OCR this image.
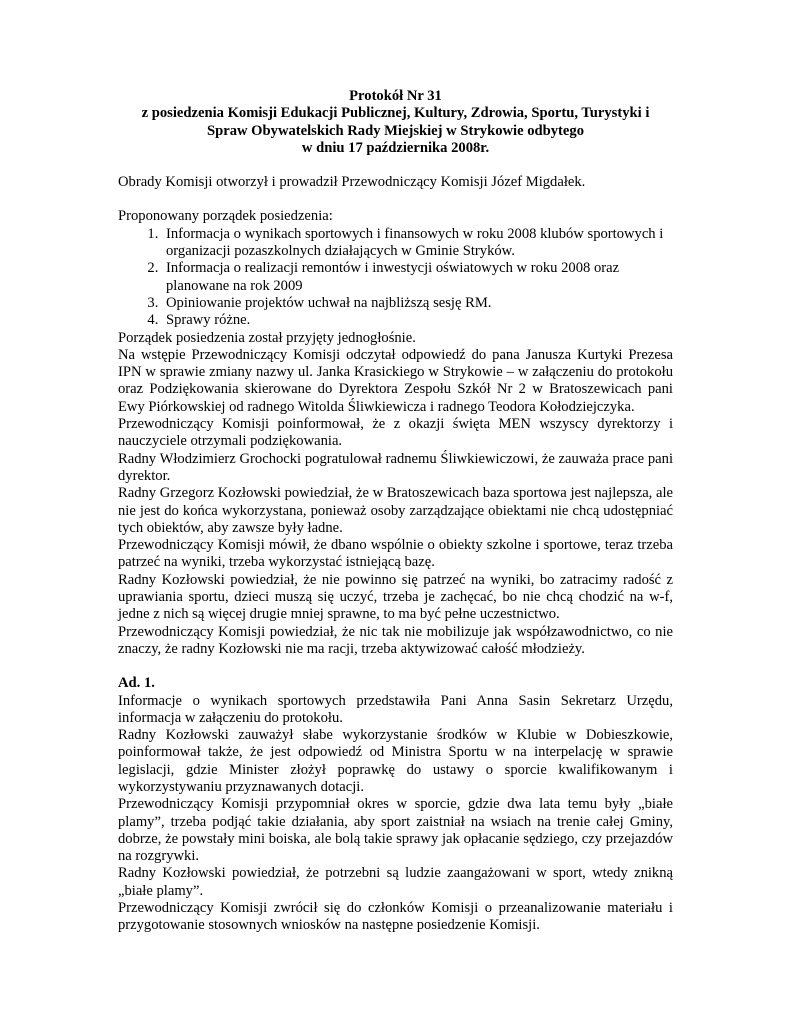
Protokół Nr 31
z posiedzenia Komisji Edukacji Publicznej, Kultury, Zdrowia, Sportu, Turystyki i
Spraw Obywatelskich Rady Miejskiej w Strykowie odbytego
w dniu 17 października 2008r.

Obrady Komisji otworzył i prowadził Przewodniczący Komisji Józef Migdałek.

Proponowany porządek posiedzenia:

1. Informacja o wynikach sportowych i finansowych w roku 2008 klubów sportowych i organizacji pozaszkolnych działających w Gminie Stryków.
2. Informacja o realizacji remontów i inwestycji oświatowych w roku 2008 oraz planowane na rok 2009
3. Opiniowanie projektów uchwał na najbliższą sesję RM.
4. Sprawy różne.

Porządek posiedzenia został przyjęty jednogłośnie.

Na wstępie Przewodniczący Komisji odczytał odpowiedź do pana Janusza Kurtyki Prezesa IPN w sprawie zmiany nazwy ul. Janka Krasickiego w Strykowie – w załączeniu do protokołu oraz Podziękowania skierowane do Dyrektora Zespołu Szkół Nr 2 w Bratoszewicach pani Ewy Piórkowskiej od radnego Witolda Śliwkiewicza i radnego Teodora Kołodziejczyka.

Przewodniczący Komisji poinformował, że z okazji święta MEN wszyscy dyrektorzy i nauczyciele otrzymali podziękowania.

Radny Włodzimierz Grochocki pogratulował radnemu Śliwkiewiczowi, że zauważa prace pani dyrektor.

Radny Grzegorz Kozłowski powiedział, że w Bratoszewicach baza sportowa jest najlepsza, ale nie jest do końca wykorzystana, ponieważ osoby zarządzające obiektami nie chcą udostępniać tych obiektów, aby zawsze były ładne.

Przewodniczący Komisji mówił, że dbano wspólnie o obiekty szkolne i sportowe, teraz trzeba patrzeć na wyniki, trzeba wykorzystać istniejącą bazę.

Radny Kozłowski powiedział, że nie powinno się patrzeć na wyniki, bo zatracimy radość z uprawiania sportu, dzieci muszą się uczyć, trzeba je zachęcać, bo nie chcą chodzić na w-f, jedne z nich są więcej drugie mniej sprawne, to ma być pełne uczestnictwo.

Przewodniczący Komisji powiedział, że nic tak nie mobilizuje jak współzawodnictwo, co nie znaczy, że radny Kozłowski nie ma racji, trzeba aktywizować całość młodzieży.

Ad. 1.

Informacje o wynikach sportowych przedstawiła Pani Anna Sasin Sekretarz Urzędu, informacja w załączeniu do protokołu.

Radny Kozłowski zauważył słabe wykorzystanie środków w Klubie w Dobieszkowie, poinformował także, że jest odpowiedź od Ministra Sportu w na interpelację w sprawie legislacji, gdzie Minister złożył poprawkę do ustawy o sporcie kwalifikowanym i wykorzystywaniu przyznawanych dotacji.

Przewodniczący Komisji przypomniał okres w sporcie, gdzie dwa lata temu były „białe plamy”, trzeba podjąć takie działania, aby sport zaistniał na wsiach na trenie całej Gminy, dobrze, że powstały mini boiska, ale bolą takie sprawy jak opłacanie sędziego, czy przejazdów na rozgrywki.

Radny Kozłowski powiedział, że potrzebni są ludzie zaangażowani w sport, wtedy znikną „białe plamy”.

Przewodniczący Komisji zwrócił się do członków Komisji o przeanalizowanie materiału i przygotowanie stosownych wniosków na następne posiedzenie Komisji.
